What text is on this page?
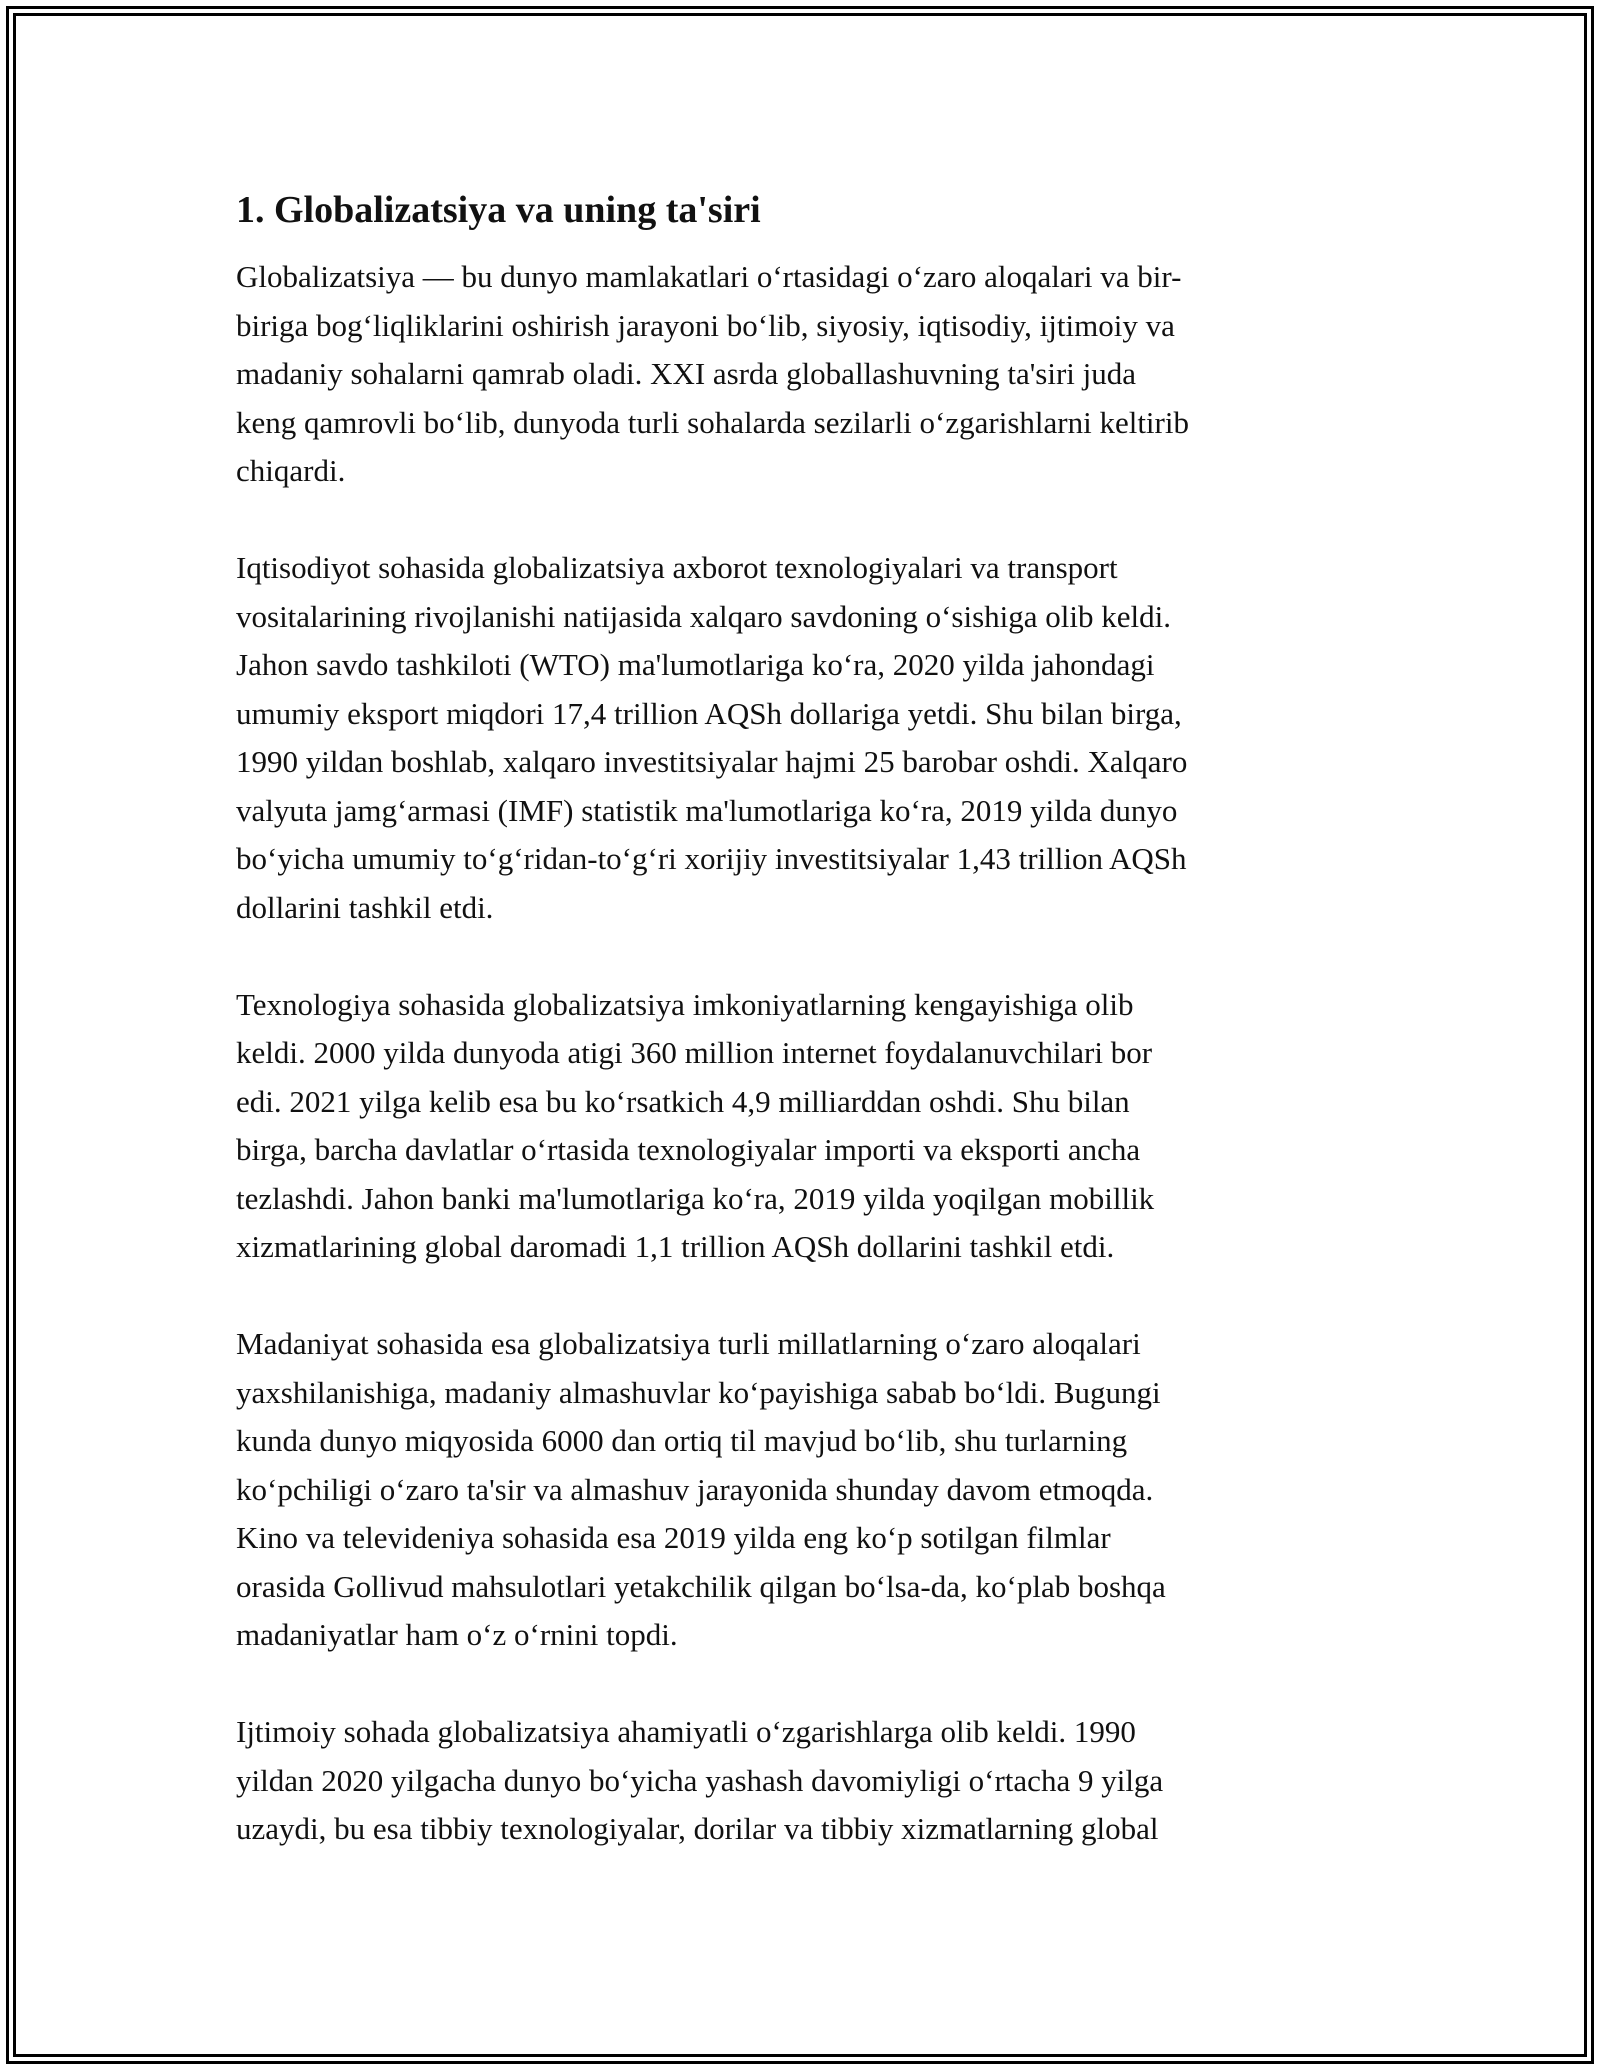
1. Globalizatsiya va uning ta'siri

Globalizatsiya — bu dunyo mamlakatlari oʻrtasidagi oʻzaro aloqalari va bir-
biriga bogʻliqliklarini oshirish jarayoni boʻlib, siyosiy, iqtisodiy, ijtimoiy va
madaniy sohalarni qamrab oladi. XXI asrda globallashuvning ta'siri juda
keng qamrovli boʻlib, dunyoda turli sohalarda sezilarli oʻzgarishlarni keltirib
chiqardi.

Iqtisodiyot sohasida globalizatsiya axborot texnologiyalari va transport
vositalarining rivojlanishi natijasida xalqaro savdoning oʻsishiga olib keldi.
Jahon savdo tashkiloti (WTO) ma'lumotlariga koʻra, 2020 yilda jahondagi
umumiy eksport miqdori 17,4 trillion AQSh dollariga yetdi. Shu bilan birga,
1990 yildan boshlab, xalqaro investitsiyalar hajmi 25 barobar oshdi. Xalqaro
valyuta jamgʻarmasi (IMF) statistik ma'lumotlariga koʻra, 2019 yilda dunyo
boʻyicha umumiy toʻgʻridan-toʻgʻri xorijiy investitsiyalar 1,43 trillion AQSh
dollarini tashkil etdi.

Texnologiya sohasida globalizatsiya imkoniyatlarning kengayishiga olib
keldi. 2000 yilda dunyoda atigi 360 million internet foydalanuvchilari bor
edi. 2021 yilga kelib esa bu koʻrsatkich 4,9 milliarddan oshdi. Shu bilan
birga, barcha davlatlar oʻrtasida texnologiyalar importi va eksporti ancha
tezlashdi. Jahon banki ma'lumotlariga koʻra, 2019 yilda yoqilgan mobillik
xizmatlarining global daromadi 1,1 trillion AQSh dollarini tashkil etdi.

Madaniyat sohasida esa globalizatsiya turli millatlarning oʻzaro aloqalari
yaxshilanishiga, madaniy almashuvlar koʻpayishiga sabab boʻldi. Bugungi
kunda dunyo miqyosida 6000 dan ortiq til mavjud boʻlib, shu turlarning
koʻpchiligi oʻzaro ta'sir va almashuv jarayonida shunday davom etmoqda.
Kino va televideniya sohasida esa 2019 yilda eng koʻp sotilgan filmlar
orasida Gollivud mahsulotlari yetakchilik qilgan boʻlsa-da, koʻplab boshqa
madaniyatlar ham oʻz oʻrnini topdi.

Ijtimoiy sohada globalizatsiya ahamiyatli oʻzgarishlarga olib keldi. 1990
yildan 2020 yilgacha dunyo boʻyicha yashash davomiyligi oʻrtacha 9 yilga
uzaydi, bu esa tibbiy texnologiyalar, dorilar va tibbiy xizmatlarning global
